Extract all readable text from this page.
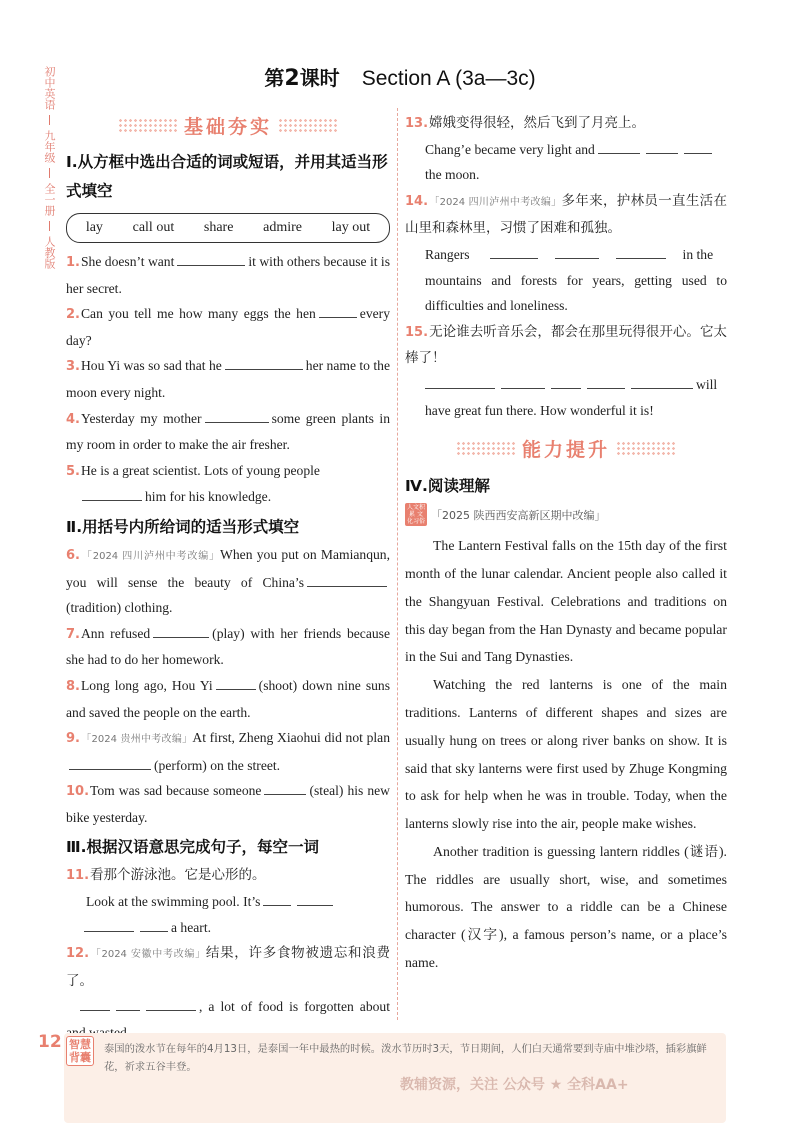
初中英语
九年级
全一册
人教版
第2课时 Section A (3a—3c)
基础夯实
Ⅰ.从方框中选出合适的词或短语，并用其适当形式填空
lay call out share admire lay out
1.She doesn’t want	it with others because it is her secret.
2.Can you tell me how many eggs the hen	every day?
3.Hou Yi was so sad that he	her name to the moon every night.
4.Yesterday my mother	some green plants in my room in order to make the air fresher.
5.He is a great scientist. Lots of young people
him for his knowledge.
Ⅱ.用括号内所给词的适当形式填空
6.「2024 四川泸州中考改编」When you put on Mamianqun, you will sense the beauty of China’s(tradition) clothing.
7.Ann refused	(play) with her friends because she had to do her homework.
8.Long long ago, Hou Yi	(shoot) down nine suns and saved the people on the earth.
9.「2024 贵州中考改编」At first, Zheng Xiaohui did not plan(perform) on the street.
10.Tom was sad because someone	(steal) his new bike yesterday.
Ⅲ.根据汉语意思完成句子，每空一词
11.看那个游泳池。它是心形的。
Look at the swimming pool. It’s
a heart.
12.「2024 安徽中考改编」结果，许多食物被遗忘和浪费了。
, a lot of food is forgotten about
13.嫦娥变得很轻，然后飞到了月亮上。
Chang’e became very light and
the moon.
14.「2024 四川泸州中考改编」多年来，护林员一直生活在山里和森林里，习惯了困难和孤独。
Rangers	in the
mountains and forests for years, getting used to difficulties and loneliness.
15.无论谁去听音乐会，都会在那里玩得很开心。它太棒了！
will
have great fun there. How wonderful it is!
能力提升
Ⅳ.阅读理解
人文积累 文化习俗 「2025 陕西西安高新区期中改编」

The Lantern Festival falls on the 15th day of the first month of the lunar calendar. Ancient people also called it the Shangyuan Festival. Celebrations and traditions on this day began from the Han Dynasty and became popular in the Sui and Tang Dynasties.

Watching the red lanterns is one of the main traditions. Lanterns of different shapes and sizes are usually hung on trees or along river banks on show. It is said that sky lanterns were first used by Zhuge Kongming to ask for help when he was in trouble. Today, when the lanterns slowly rise into the air, people make wishes.

Another tradition is guessing lantern riddles (谜语). The riddles are usually short, wise, and sometimes humorous. The answer to a riddle can be a Chinese character (汉字), a famous person’s name, or a place’s name.

12 智慧背囊
泰国的泼水节在每年的4月13日，是泰国一年中最热的时候。泼水节历时3天，节日期间，人们白天通常要到寺庙中堆沙塔，插彩旗鲜花，祈求五谷丰登。
教辅资源，关注 公众号 ★ 全科AA+
